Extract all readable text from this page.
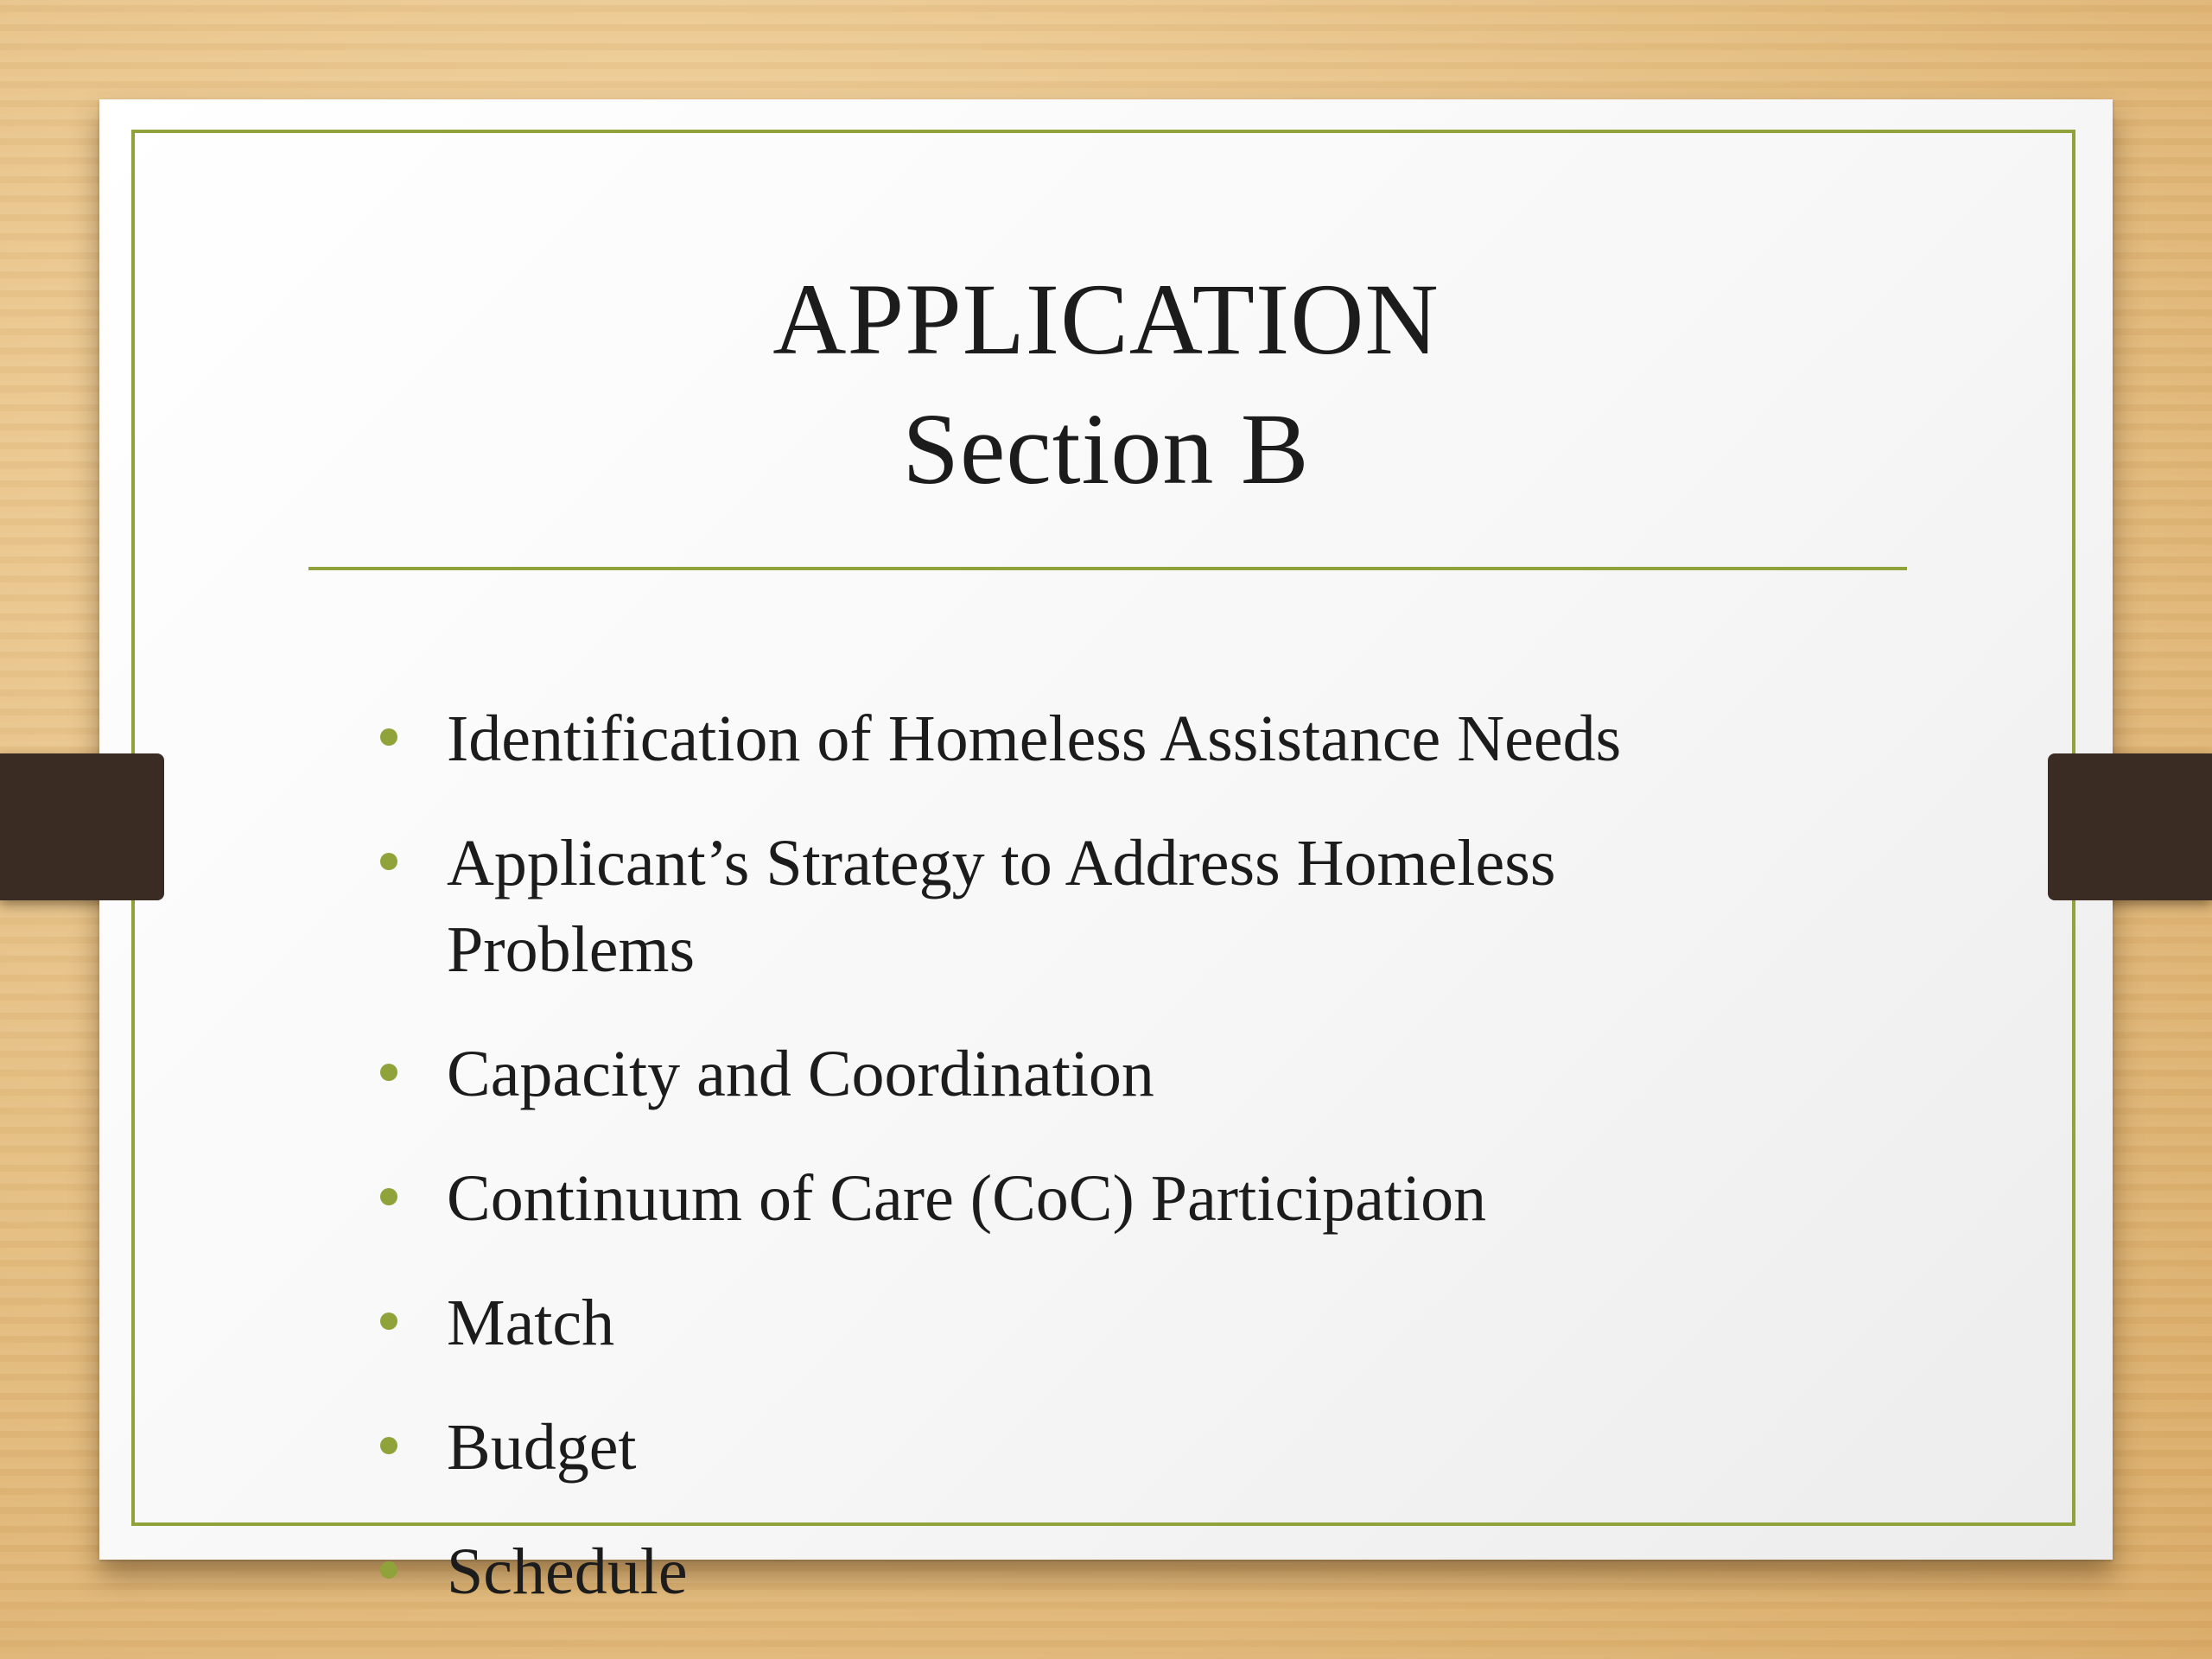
APPLICATION
Section B
Identification of Homeless Assistance Needs
Applicant’s Strategy to Address Homeless Problems
Capacity and Coordination
Continuum of Care (CoC) Participation
Match
Budget
Schedule
